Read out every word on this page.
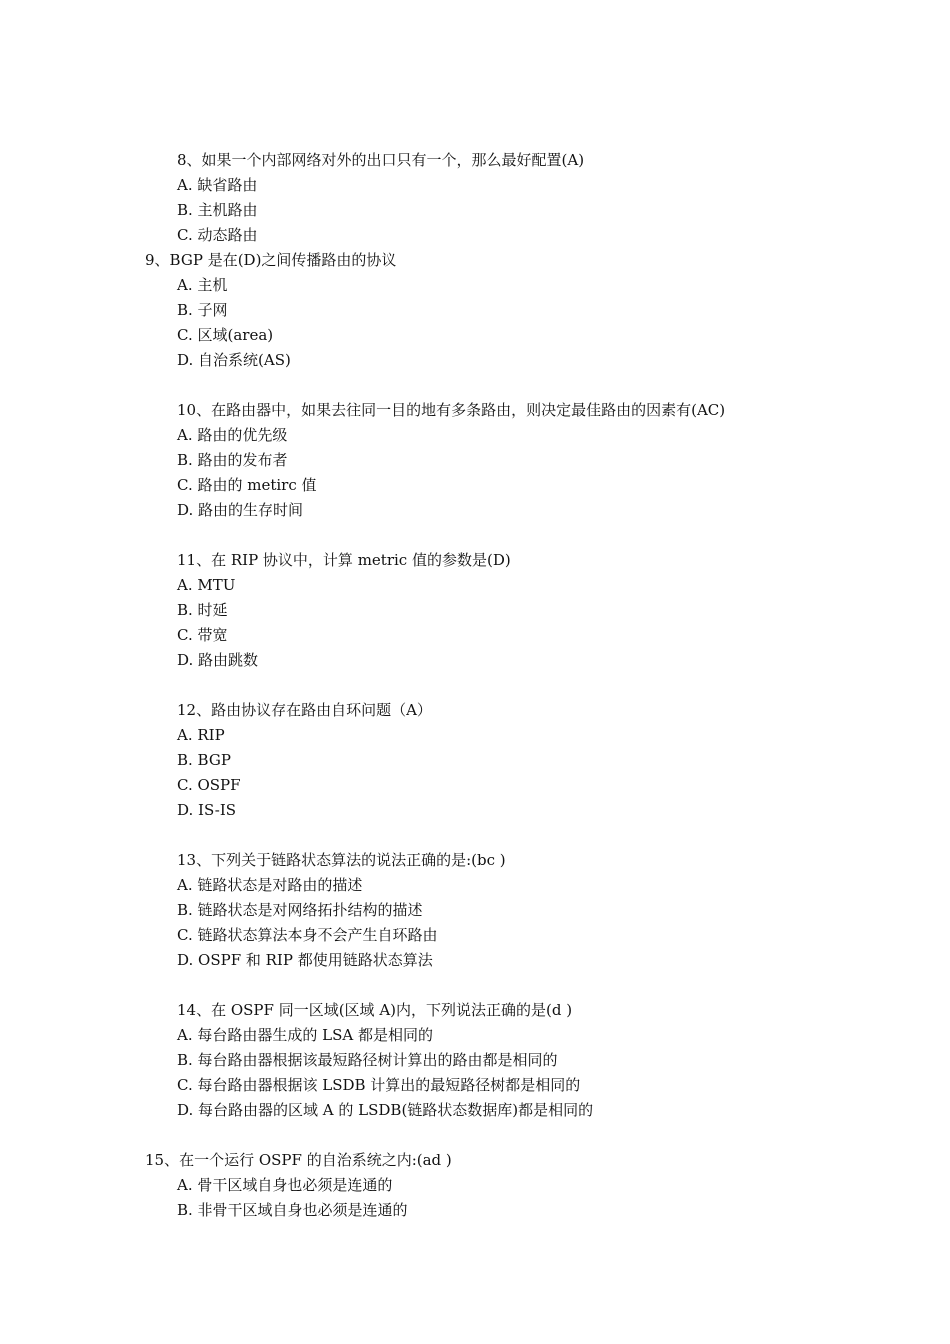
8、如果一个内部网络对外的出口只有一个，那么最好配置(A)
A. 缺省路由
B. 主机路由
C. 动态路由
9、BGP 是在(D)之间传播路由的协议
A. 主机
B. 子网
C. 区域(area)
D. 自治系统(AS)
10、在路由器中，如果去往同一目的地有多条路由，则决定最佳路由的因素有(AC)
A. 路由的优先级
B. 路由的发布者
C. 路由的 metirc 值
D. 路由的生存时间
11、在 RIP 协议中，计算 metric 值的参数是(D)
A. MTU
B. 时延
C. 带宽
D. 路由跳数
12、路由协议存在路由自环问题（A）
A. RIP
B. BGP
C. OSPF
D. IS-IS
13、下列关于链路状态算法的说法正确的是:(bc )
A. 链路状态是对路由的描述
B. 链路状态是对网络拓扑结构的描述
C. 链路状态算法本身不会产生自环路由
D. OSPF 和 RIP 都使用链路状态算法
14、在 OSPF 同一区域(区域 A)内，下列说法正确的是(d )
A. 每台路由器生成的 LSA 都是相同的
B. 每台路由器根据该最短路径树计算出的路由都是相同的
C. 每台路由器根据该 LSDB 计算出的最短路径树都是相同的
D. 每台路由器的区域 A 的 LSDB(链路状态数据库)都是相同的
15、在一个运行 OSPF 的自治系统之内:(ad )
A. 骨干区域自身也必须是连通的
B. 非骨干区域自身也必须是连通的
